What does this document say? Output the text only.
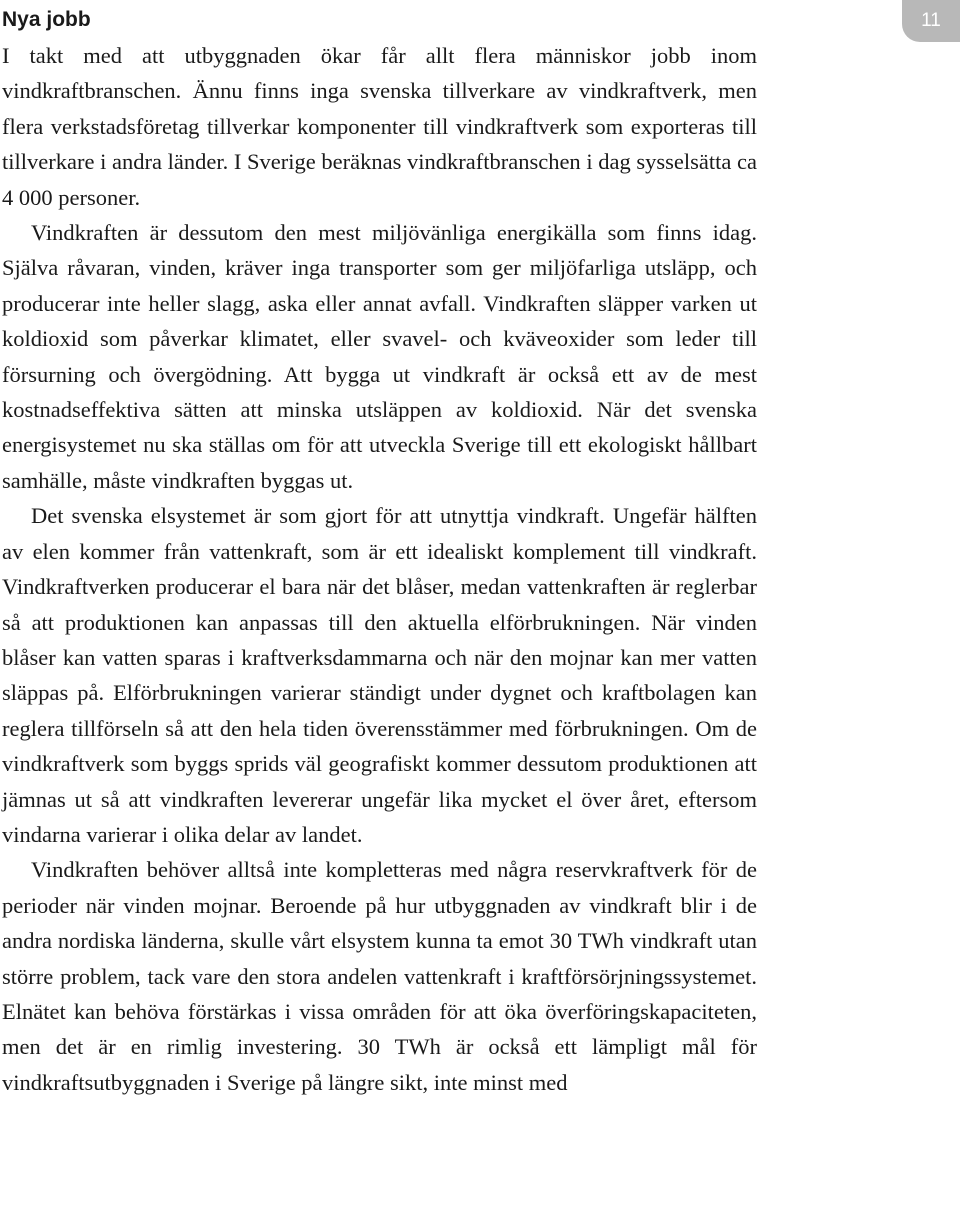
Nya jobb	11

I takt med att utbyggnaden ökar får allt flera människor jobb inom vindkraftbranschen. Ännu finns inga svenska tillverkare av vindkraftverk, men flera verkstadsföretag tillverkar komponenter till vindkraftverk som exporteras till tillverkare i andra länder. I Sverige beräknas vindkraftbranschen i dag sysselsätta ca 4 000 personer.

Vindkraften är dessutom den mest miljövänliga energikälla som finns idag. Själva råvaran, vinden, kräver inga transporter som ger miljöfarliga utsläpp, och producerar inte heller slagg, aska eller annat avfall. Vindkraften släpper varken ut koldioxid som påverkar klimatet, eller svavel- och kväveoxider som leder till försurning och övergödning. Att bygga ut vindkraft är också ett av de mest kostnadseffektiva sätten att minska utsläppen av koldioxid. När det svenska energisystemet nu ska ställas om för att utveckla Sverige till ett ekologiskt hållbart samhälle, måste vindkraften byggas ut.

Det svenska elsystemet är som gjort för att utnyttja vindkraft. Ungefär hälften av elen kommer från vattenkraft, som är ett idealiskt komplement till vindkraft. Vindkraftverken producerar el bara när det blåser, medan vattenkraften är reglerbar så att produktionen kan anpassas till den aktuella elförbrukningen. När vinden blåser kan vatten sparas i kraftverksdammarna och när den mojnar kan mer vatten släppas på. Elförbrukningen varierar ständigt under dygnet och kraftbolagen kan reglera tillförseln så att den hela tiden överensstämmer med förbrukningen. Om de vindkraftverk som byggs sprids väl geografiskt kommer dessutom produktionen att jämnas ut så att vindkraften levererar ungefär lika mycket el över året, eftersom vindarna varierar i olika delar av landet.

Vindkraften behöver alltså inte kompletteras med några reservkraftverk för de perioder när vinden mojnar. Beroende på hur utbyggnaden av vindkraft blir i de andra nordiska länderna, skulle vårt elsystem kunna ta emot 30 TWh vindkraft utan större problem, tack vare den stora andelen vattenkraft i kraftförsörjningssystemet. Elnätet kan behöva förstärkas i vissa områden för att öka överföringskapaciteten, men det är en rimlig investering. 30 TWh är också ett lämpligt mål för vindkraftsutbyggnaden i Sverige på längre sikt, inte minst med
